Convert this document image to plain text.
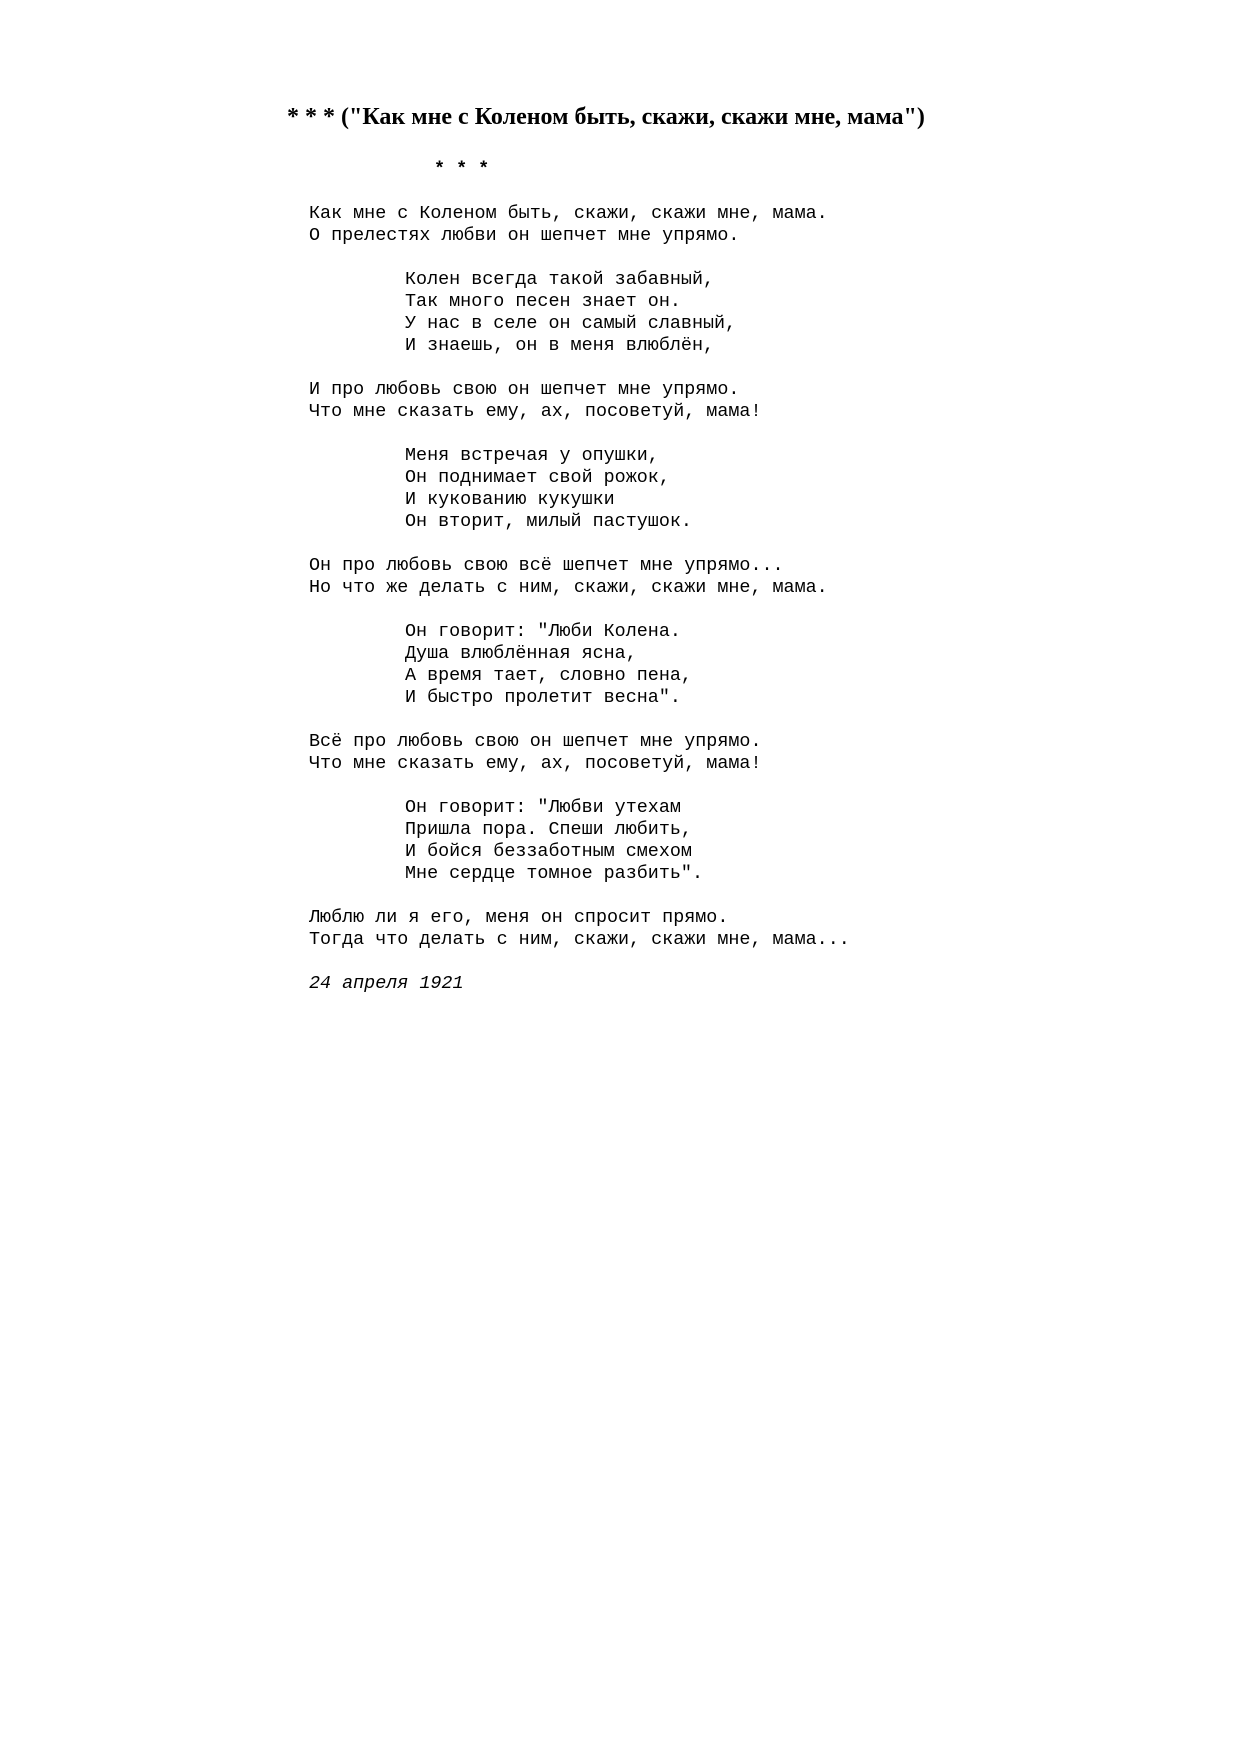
* * * ("Как мне с Коленом быть, скажи, скажи мне, мама")
* * *
Как мне с Коленом быть, скажи, скажи мне, мама.
О прелестях любви он шепчет мне упрямо.
Колен всегда такой забавный,
Так много песен знает он.
У нас в селе он самый славный,
И знаешь, он в меня влюблён,
И про любовь свою он шепчет мне упрямо.
Что мне сказать ему, ах, посоветуй, мама!
Меня встречая у опушки,
Он поднимает свой рожок,
И кукованию кукушки
Он вторит, милый пастушок.
Он про любовь свою всё шепчет мне упрямо...
Но что же делать с ним, скажи, скажи мне, мама.
Он говорит: "Люби Колена.
Душа влюблённая ясна,
А время тает, словно пена,
И быстро пролетит весна".
Всё про любовь свою он шепчет мне упрямо.
Что мне сказать ему, ах, посоветуй, мама!
Он говорит: "Любви утехам
Пришла пора. Спеши любить,
И бойся беззаботным смехом
Мне сердце томное разбить".
Люблю ли я его, меня он спросит прямо.
Тогда что делать с ним, скажи, скажи мне, мама...
24 апреля 1921
